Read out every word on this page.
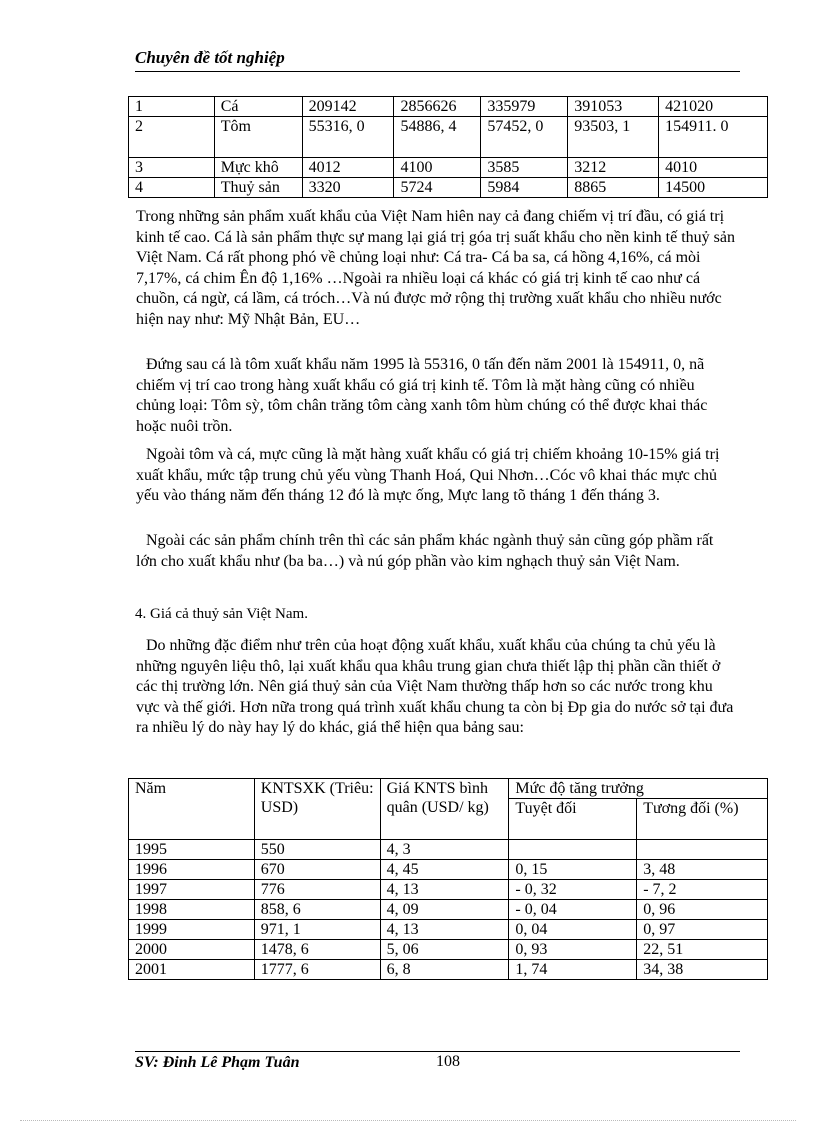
Chuyên đề tốt nghiệp
1	Cá	209142	2856626	335979	391053	421020
2	Tôm	55316, 0	54886, 4	57452, 0	93503, 1	154911. 0
3	Mực khô	4012	4100	3585	3212	4010
4	Thuỷ sản	3320	5724	5984	8865	14500

Trong những sản phẩm xuất khẩu của Việt Nam hiên nay cả đang chiếm vị trí đầu, có giá trị kinh tế cao. Cá là sản phẩm thực sự mang lại giá trị góa trị suất khẩu cho nền kinh tế thuỷ sản Việt Nam. Cá rất phong phó về chủng loại như: Cá tra- Cá ba sa, cá hồng 4,16%, cá mòi 7,17%, cá chim Ên độ 1,16% …Ngoài ra nhiều loại cá khác có giá trị kinh tế cao như cá chuồn, cá ngừ, cá lầm, cá tróch…Và nú được mở rộng thị trường xuất khẩu cho nhiều nước hiện nay như: Mỹ Nhật Bản, EU…

Đứng sau cá là tôm xuất khẩu năm 1995 là 55316, 0 tấn đến năm 2001 là 154911, 0, nã chiếm vị trí cao trong hàng xuất khẩu có giá trị kinh tế. Tôm là mặt hàng cũng có nhiều chủng loại: Tôm sỳ, tôm chân trăng tôm càng xanh tôm hùm chúng có thể được khai thác hoặc nuôi trồn.

Ngoài tôm và cá, mực cũng là mặt hàng xuất khẩu có giá trị chiếm khoảng 10-15% giá trị xuất khẩu, mức tập trung chủ yếu vùng Thanh Hoá, Qui Nhơn…Cóc vô khai thác mực chủ yếu vào tháng năm đến tháng 12 đó là mực ống, Mực lang tõ tháng 1 đến tháng 3.

Ngoài các sản phẩm chính trên thì các sản phẩm khác ngành thuỷ sản cũng góp phầm rất lớn cho xuất khẩu như (ba ba…) và nú góp phần vào kim nghạch thuỷ sản Việt Nam.

4. Giá cả thuỷ sản Việt Nam.

Do những đặc điểm như trên của hoạt động xuất khẩu, xuất khẩu của chúng ta chủ yếu là những nguyên liệu thô, lại xuất khẩu qua khâu trung gian chưa thiết lập thị phần cần thiết ở các thị trường lớn. Nên giá thuỷ sản của Việt Nam thường thấp hơn so các nước trong khu vực và thế giới. Hơn nữa trong quá trình xuất khẩu chung ta còn bị Đp gia do nước sở tại đưa ra nhiều lý do này hay lý do khác, giá thể hiện qua bảng sau:

Năm	KNTSXK (Triêu: USD)	Giá KNTS bình quân (USD/ kg)	Mức độ tăng trưởng	
			Tuyệt đối	Tương đối (%)
1995	550	4, 3		
1996	670	4, 45	0, 15	3, 48
1997	776	4, 13	- 0, 32	- 7, 2
1998	858, 6	4, 09	- 0, 04	0, 96
1999	971, 1	4, 13	0, 04	0, 97
2000	1478, 6	5, 06	0, 93	22, 51
2001	1777, 6	6, 8	1, 74	34, 38
SV: Đinh Lê Phạm Tuân	108
